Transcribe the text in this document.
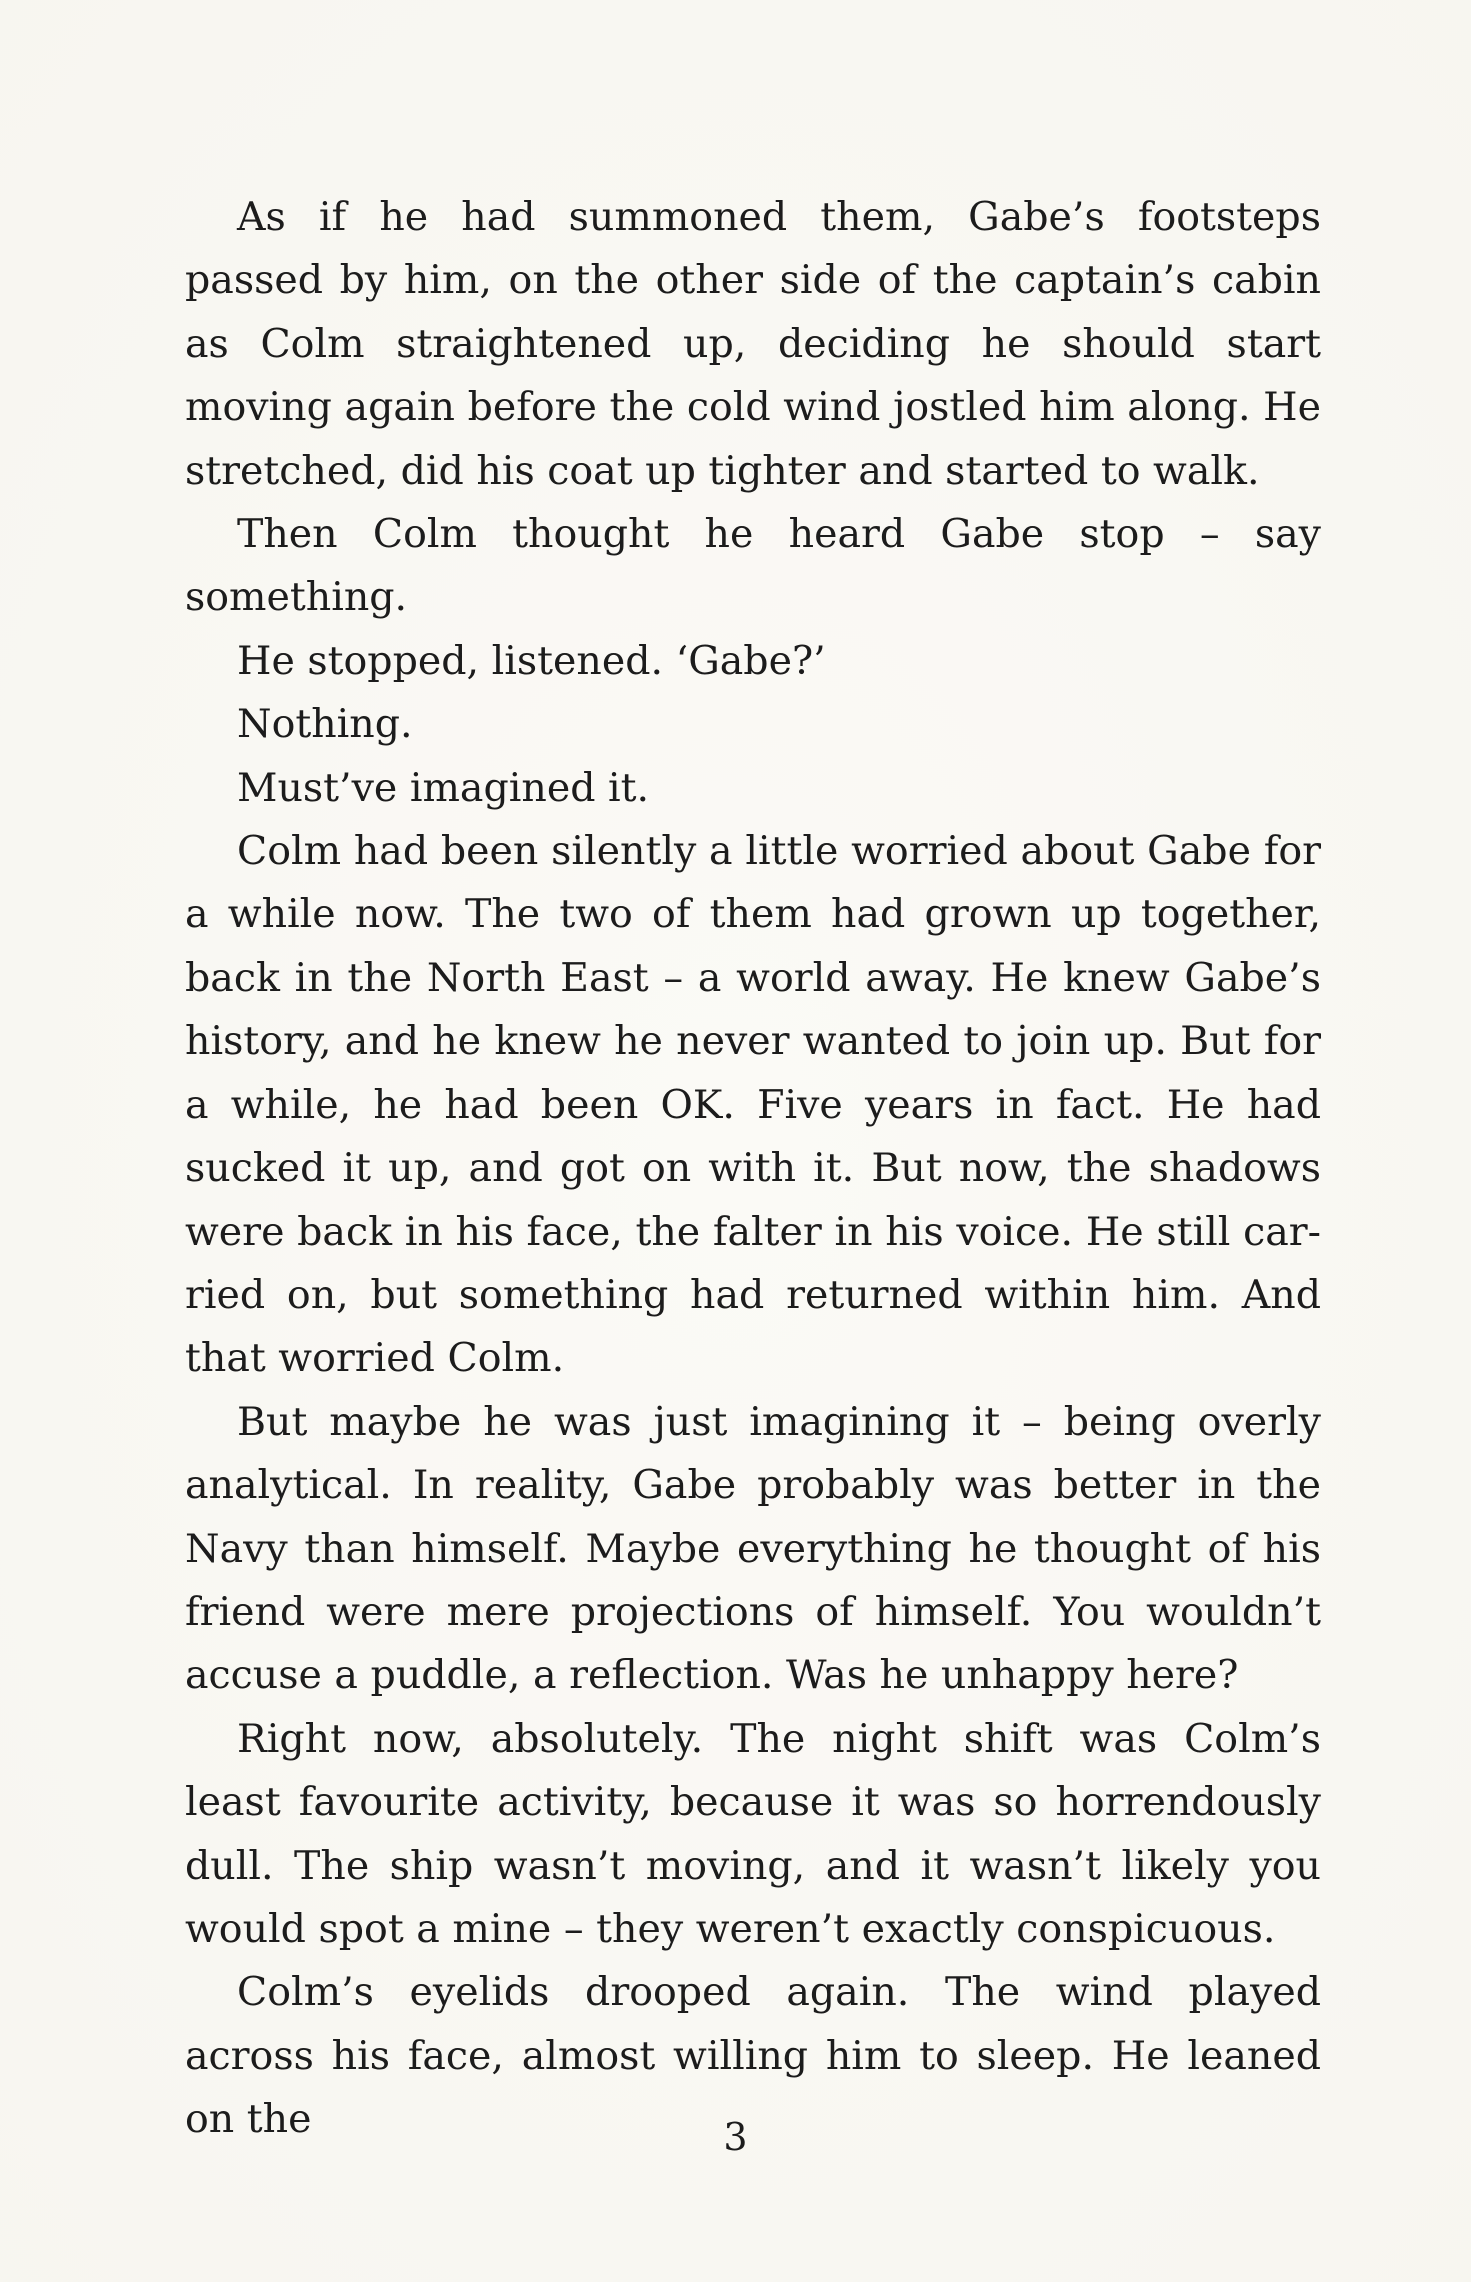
As if he had summoned them, Gabe’s footsteps passed by him, on the other side of the captain’s cabin as Colm straightened up, deciding he should start moving again before the cold wind jostled him along. He stretched, did his coat up tighter and started to walk.

Then Colm thought he heard Gabe stop – say something.

He stopped, listened. ‘Gabe?’

Nothing.

Must’ve imagined it.

Colm had been silently a little worried about Gabe for a while now. The two of them had grown up together, back in the North East – a world away. He knew Gabe’s history, and he knew he never wanted to join up. But for a while, he had been OK. Five years in fact. He had sucked it up, and got on with it. But now, the shadows were back in his face, the falter in his voice. He still carried on, but something had returned within him. And that worried Colm.

But maybe he was just imagining it – being overly analytical. In reality, Gabe probably was better in the Navy than himself. Maybe everything he thought of his friend were mere projections of himself. You wouldn’t accuse a puddle, a reflection. Was he unhappy here?

Right now, absolutely. The night shift was Colm’s least favourite activity, because it was so horrendously dull. The ship wasn’t moving, and it wasn’t likely you would spot a mine – they weren’t exactly conspicuous.

Colm’s eyelids drooped again. The wind played across his face, almost willing him to sleep. He leaned on the	3
